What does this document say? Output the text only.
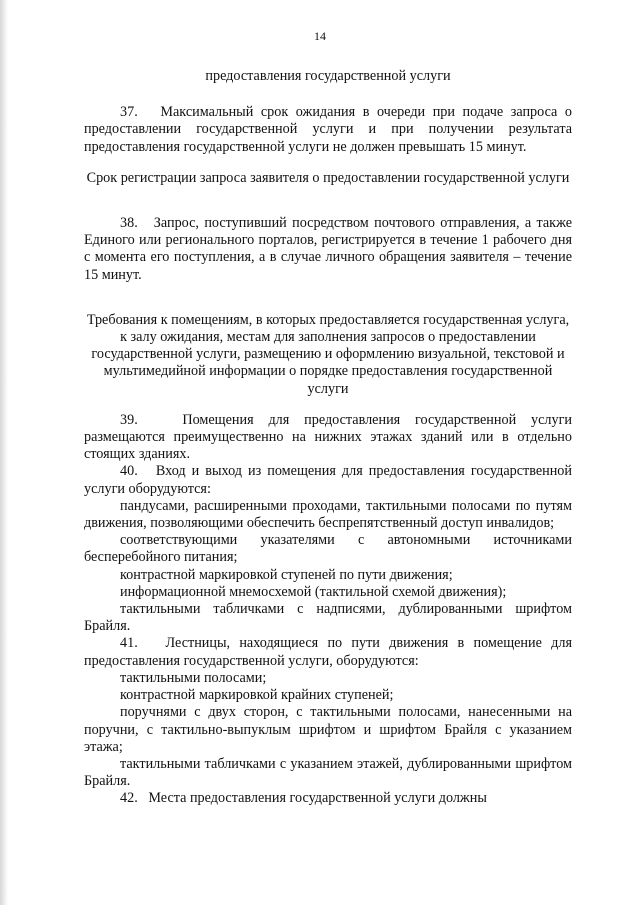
14
предоставления государственной услуги

37.   Максимальный срок ожидания в очереди при подаче запроса о предоставлении государственной услуги и при получении результата предоставления государственной услуги не должен превышать 15 минут.

Срок регистрации запроса заявителя о предоставлении государственной услуги

38.   Запрос, поступивший посредством почтового отправления, а также Единого или регионального порталов, регистрируется в течение 1 рабочего дня с момента его поступления, а в случае личного обращения заявителя – течение 15 минут.

Требования к помещениям, в которых предоставляется государственная услуга, к залу ожидания, местам для заполнения запросов о предоставлении государственной услуги, размещению и оформлению визуальной, текстовой и мультимедийной информации о порядке предоставления государственной услуги

39.   Помещения для предоставления государственной услуги размещаются преимущественно на нижних этажах зданий или в отдельно стоящих зданиях.

40.   Вход и выход из помещения для предоставления государственной услуги оборудуются:

пандусами, расширенными проходами, тактильными полосами по путям движения, позволяющими обеспечить беспрепятственный доступ инвалидов;

соответствующими указателями с автономными источниками бесперебойного питания;

контрастной маркировкой ступеней по пути движения;

информационной мнемосхемой (тактильной схемой движения);

тактильными табличками с надписями, дублированными шрифтом Брайля.

41.   Лестницы, находящиеся по пути движения в помещение для предоставления государственной услуги, оборудуются:

тактильными полосами;

контрастной маркировкой крайних ступеней;

поручнями с двух сторон, с тактильными полосами, нанесенными на поручни, с тактильно-выпуклым шрифтом и шрифтом Брайля с указанием этажа;

тактильными табличками с указанием этажей, дублированными шрифтом Брайля.

42.   Места предоставления государственной услуги должны
